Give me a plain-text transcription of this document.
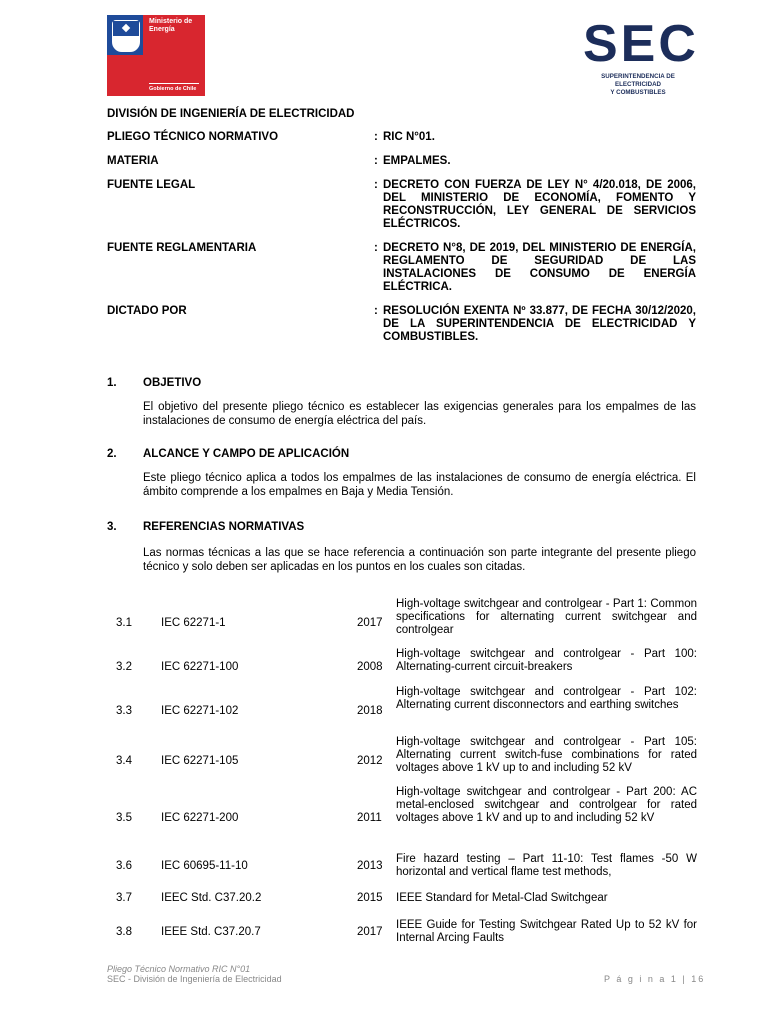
Ministerio de
Energía
Gobierno de Chile
SEC
SUPERINTENDENCIA DE ELECTRICIDAD
Y COMBUSTIBLES
DIVISIÓN DE INGENIERÍA DE ELECTRICIDAD
PLIEGO TÉCNICO NORMATIVO	: RIC N°01.
MATERIA	: EMPALMES.
FUENTE LEGAL	: DECRETO CON FUERZA DE LEY N° 4/20.018, DE 2006, DEL MINISTERIO DE ECONOMÍA, FOMENTO Y RECONSTRUCCIÓN, LEY GENERAL DE SERVICIOS ELÉCTRICOS.
FUENTE REGLAMENTARIA	: DECRETO N°8, DE 2019, DEL MINISTERIO DE ENERGÍA, REGLAMENTO DE SEGURIDAD DE LAS INSTALACIONES DE CONSUMO DE ENERGÍA ELÉCTRICA.
DICTADO POR	: RESOLUCIÓN EXENTA Nº 33.877, DE FECHA 30/12/2020, DE LA SUPERINTENDENCIA DE ELECTRICIDAD Y COMBUSTIBLES.
1. OBJETIVO
El objetivo del presente pliego técnico es establecer las exigencias generales para los empalmes de las instalaciones de consumo de energía eléctrica del país.
2. ALCANCE Y CAMPO DE APLICACIÓN
Este pliego técnico aplica a todos los empalmes de las instalaciones de consumo de energía eléctrica. El ámbito comprende a los empalmes en Baja y Media Tensión.
3. REFERENCIAS NORMATIVAS
Las normas técnicas a las que se hace referencia a continuación son parte integrante del presente pliego técnico y solo deben ser aplicadas en los puntos en los cuales son citadas.
3.1	IEC 62271-1	2017
High-voltage switchgear and controlgear - Part 1: Common specifications for alternating current switchgear and controlgear
3.2	IEC 62271-100	2008
High-voltage switchgear and controlgear - Part 100: Alternating-current circuit-breakers
3.3	IEC 62271-102	2018
High-voltage switchgear and controlgear - Part 102: Alternating current disconnectors and earthing switches
3.4	IEC 62271-105	2012
High-voltage switchgear and controlgear - Part 105: Alternating current switch-fuse combinations for rated voltages above 1 kV up to and including 52 kV
3.5	IEC 62271-200	2011
High-voltage switchgear and controlgear - Part 200: AC metal-enclosed switchgear and controlgear for rated voltages above 1 kV and up to and including 52 kV
3.6	IEC 60695-11-10	2013
Fire hazard testing – Part 11-10: Test flames -50 W horizontal and vertical flame test methods,
3.7	IEEC Std. C37.20.2	2015 IEEE Standard for Metal-Clad Switchgear
3.8	IEEE Std. C37.20.7	2017
IEEE Guide for Testing Switchgear Rated Up to 52 kV for Internal Arcing Faults
Pliego Técnico Normativo RIC N°01
SEC - División de Ingeniería de Electricidad	P á g i n a 1 | 16
